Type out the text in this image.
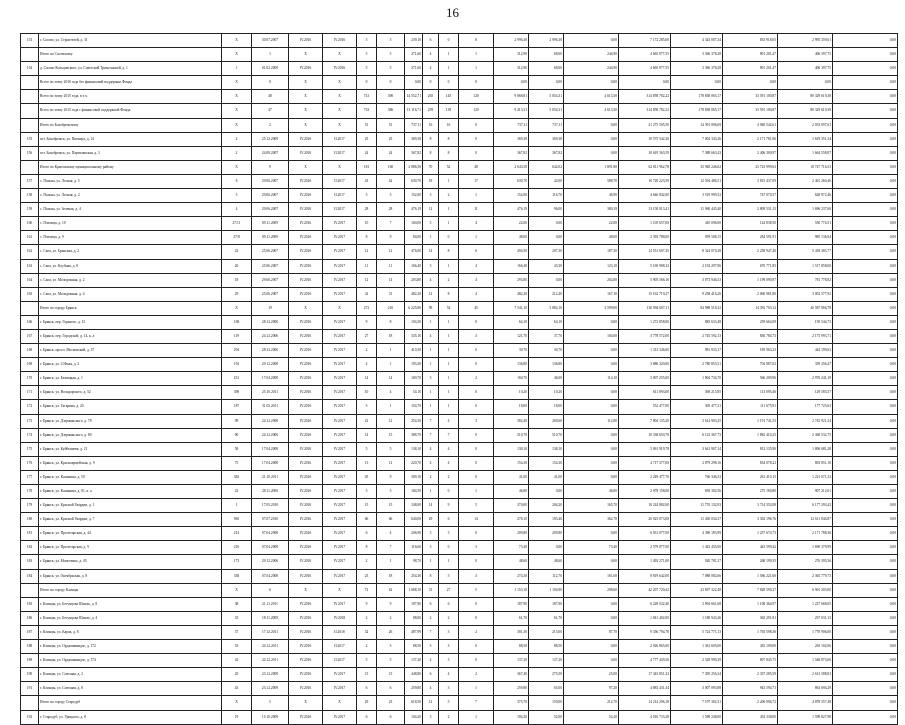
16
153	г. Сасово, ул. Строителей, д. 31	Х	30.07.2007	IV.2016	IV.2016	5	5	239,10	6	0	8	2 996,30	2 996,30	0,00	7 172 285,00	4 343 007,34	833 918,05	2 995 359,61	0,00
Итого по Сасовскому	Х	1	Х	Х	5	5	271,60	4	1	1	312,90	68,00	244,90	4 665 977,55	3 366 378,28	891 201,47	406 397,75	0,00
154	д. Сасово Кольцовского, ул. Советской Трикотажной, д. 1	1	01.02.2009	IV.2016	IV.2016	5	5	271,60	4	1	1	312,90	68,00	244,90	4 665 977,55	3 366 378,28	891 201,47	406 397,75	0,00
Всего по этапу 2016 года без финансовой поддержки Фонда	Х	0	Х	Х	0	0	0,00	0	0	0	0,00	0,00	0,00	0,00	0,00	0,00	0,00	0,00
Всего по этапу 2015 года, в т.ч.	Х	48	Х	Х	741	390	14 552,71	265	145	120	9 868,81	5 054,31	4 613,50	314 858 782,22	178 838 065,17	33 591 100,87	80 329 619,38	0,00
Всего по этапу 2015 года с финансовой поддержкой Фонда	Х	47	Х	Х	733	386	13 116,71	259	139	120	9 413,31	5 054,31	4 613,50	314 858 782,22	178 838 065,17	33 591 100,87	80 329 619,38	0,00
Итого по Бокобрежскому	Х	2	Х	Х	51	51	737,11	16	16	0	737,11	737,11	0,00	21 275 505,50	14 391 006,69	4 940 542,61	2 033 097,61	0,00
155	пгт. Бокобрежск, ул. Пионера, д. 14	2	25.12.2009	IV.2016	II.2017	25	25	369,38	8	8	0	369,38	369,38	0,00	10 575 542,26	7 002 343,26	2 171 781,06	1 619 351,34	0,00
156	пгт. Бокобрежск, ул. Партизанская, д. 3	2	24.08.2007	IV.2016	II.2017	24	24	367,82	8	8	0	367,82	367,82	0,00	10 619 363,59	7 388 663,43	2 406 300,97	1 664 558,87	0,00
Итого по Кржешскому муниципальному району	Х	9	Х	Х	181	160	2 886,56	70	52	48	2 643,50	642,02	1 891,80	62 811 962,78	35 948 246,62	23 723 999,63	10 747 716,53	0,00
157	с. Пальна, ул. Лесная, д. 5	8	29.06.2007	IV.2016	II.2017	43	42	630,70	18	1	17	630,70	42,00	588,70	10 720 223,59	12 594 486,51	3 815 437,09	2 461 260,46	0,00
158	с. Пальна, ул. Лесная, д. 2	3	29.06.2007	IV.2016	II.2017	5	5	152,00	3	2	1	152,00	116,70	46,90	4 646 842,00	3 519 999,52	747 070,57	628 972,46	0,00
159	с. Пальна, ул. Зеленая, д. 4	4	29.06.2007	IV.2016	II.2017	28	28	476,19	12	1	11	476,19	96,00	380,19	13 158 013,41	11 960 445,40	2 809 531,15	1 696 237,60	0,00
160	с. Пчелица, д. 10	27/11	09.11.2009	IV.2016	IV.2017	10	7	160,00	5	1	4	22,00	0,00	22,00	1 105 657,00	410 096,00	124 838,50	550 774,51	0,00
161	с. Пчелица, д. 9	27/8	09.11.2009	IV.2016	IV.2017	8	9	84,00	1	0	1	48,00	0,00	48,00	2 393 788,00	959 508,15	284 591,91	985 136,94	0,00
162	с. Сапа, ул. Бранская, д. 2	22	25.06.2007	IV.2016	IV.2017	12	12	476,00	14	8	6	494,50	207,30	187,30	14 551 607,45	8 324 070,28	2 258 947,40	5 418 383,77	0,00
163	с. Сапа, ул. Клубная, д. 8	26	25.06.2007	IV.2016	IV.2017	11	11	166,40	3	1	4	166,40	43,30	123,10	5 169 988,32	2 192 297,96	670 771,85	1 517 858,00	0,00
164	с. Сапа, ул. Молодежная, д. 2	18	29.06.2007	IV.2016	IV.2017	12	14	203,80	4	2	4	293,80	0,00	202,80	5 905 566,16	3 873 946,33	1 199 090,97	781 778,82	0,00
165	с. Сапа, ул. Молодежная, д. 4	29	25.06.2007	IV.2016	IV.2017	32	31	482,20	12	8	4	482,20	212,40	167,10	15 162 719,27	9 238 416,26	2 060 981,80	3 002 577,92	0,00
Итого по городу Брянск	Х	19	Х	Х	272	210	6 225,80	99	54	45	7 341,10	3 882,10	3 599,00	130 094 607,11	84 988 518,32	14 392 703,12	40 587 066,78	0,00
166	г. Брянск, пер. Горького, д. 12	168	28.12.2006	IV.2016	IV.2017	9	8	104,30	1	1	0	64,10	64,10	0,00	1 272 858,00	883 633,48	239 662,09	159 544,73	0,00
167	г. Брянск, пер. Городской, д. 14, к. а	119	24.12.2006	IV.2016	IV.2017	27	18	335,10	4	1	3	121,70	37,70	104,00	3 778 572,00	2 745 592,13	830 784,73	2 173 993,71	0,00
168	г. Брянск, просп. Московский, д. 37	294	28.12.2006	IV.2016	IV.2017	2	1	410,30	1	1	0	30,70	30,70	0,00	1 312 346,00	981 933,17	185 963,23	444 199,63	0,00
169	г. Брянск, ул. 3 Июля, д. 2	192	29.12.2008	IV.2016	IV.2017	4	1	193,30	1	1	0	136,80	136,80	0,00	3 886 320,00	2 780 853,51	704 887,02	339 356,47	0,00
170	г. Брянск, ул. Бежицкая, д. 1	231	17.04.2008	IV.2016	IV.2017	14	14	169,70	3	1	2	160,70	46,00	114,10	3 007 255,00	1 804 734,70	566 209,96	2 976 241,19	0,00
171	г. Брянск, ул. Володарского, д. 52	390	25.10.2011	IV.2016	IV.2017	10	4	54,10	1	1	0	10,20	10,20	0,00	611 893,00	369 215,85	113 095,46	129 583,57	0,00
172	г. Брянск, ул. Гагарина, д. 20	187	31.03.2011	IV.2016	IV.2017	3	1	154,70	1	1	0	18,00	18,00	0,00	552 477,00	305 477,31	111 675,91	177 725,63	0,00
173	г. Брянск, ул. Дзержинского, д. 78	99	24.12.2008	IV.2016	IV.2017	22	12	254,30	7	4	3	382,40	269,60	112,80	7 804 135,20	3 614 903,25	1 191 741,53	2 745 921,24	0,00
174	г. Брянск, ул. Дзержинского, д. 80	90	24.12.2006	IV.2016	IV.2017	14	15	388,70	7	7	0	510,70	510,70	0,00	10 338 650,70	6 123 367,73	1 882 410,25	2 360 532,75	0,00
175	г. Брянск, ул. Куйбышева, д. 21	58	17.04.2008	IV.2016	IV.2017	5	5	138,10	4	4	0	138,10	138,10	0,00	5 061 919,78	3 641 907,14	812 135,90	1 806 681,28	0,00
176	г. Брянск, ул. Красноармейская, д. 9	75	17.04.2008	IV.2016	IV.2017	13	12	220,70	4	4	0	154,30	154,30	0,00	4 717 377,00	2 879 298,16	834 078,22	803 851,10	0,00
177	г. Брянск, ул. Калинина, д. 50	382	21.10.2011	IV.2016	IV.2017	45	9	309,10	2	2	0	41,00	41,00	0,00	2 249 477,70	766 346,33	261 410,15	1 221 671,32	0,00
178	г. Брянск, ул. Калинина, д. 81, к. а	22	28.11.2006	IV.2016	IV.2017	5	5	184,50	1	0	1	46,80	0,00	46,80	2 078 158,00	839 302,56	275 160,80	907 212,61	0,00
179	г. Брянск, ул. Красной Гвардии, д. 1	1	17.05.2010	IV.2016	IV.2017	15	15	348,00	14	9	5	370,00	204,20	165,70	10 224 882,00	11 755 132,93	3 714 352,08	6 177 293,43	0,00
180	г. Брянск, ул. Красной Гвардии, д. 7	965	07.07.2010	IV.2016	IV.2017	66	66	640,00	29	6	14	278,10	193,40	362,70	20 023 073,00	11 430 034,37	3 302 196,76	12 611 844,87	0,00
181	г. Брянск, ул. Пролетарская, д. 44	214	07.04.2008	IV.2016	IV.2017	6	4	206,90	3	3	0	209,80	209,80	0,00	6 031 077,00	4 396 183,99	1 257 674,73	2 171 788,36	0,00
182	г. Брянск, ул. Пролетарская, д. 9	216	07.04.2008	IV.2016	IV.2017	8	7	116,60	3	0	3	73,40	0,00	73,40	2 579 077,00	1 443 435,00	443 599,42	1 690 379,99	0,00
183	г. Брянск, ул. Моисеенко, д. 45	173	29.12.2006	IV.2016	IV.2017	2	1	98,70	1	1	0	48,60	48,60	0,00	1 493 271,00	920 781,37	268 199,35	276 395,56	0,00
184	г. Брянск, ул. Октябрьская, д. 8	338	07.04.2008	IV.2016	IV.2017	23	18	254,30	8	5	3	274,30	112,70	161,60	8 819 642,00	7 088 082,66	1 566 221,60	2 365 779,73	0,00
Итого по городу Клинцы	Х	6	Х	Х	72	62	1 688,10	31	27	5	1 153,10	1 104,90	298,60	42 207 720,42	23 697 322,48	7 828 590,27	6 961 203,00	0,00
185	г. Клинцы, ул. Бегунцова Шмаль, д. 8	38	21.11.2011	IV.2016	IV.2017	9	9	187,90	6	6	0	187,90	187,90	0,00	6 228 032,40	3 994 661,68	1 108 364,97	1 227 668,05	0,00
186	г. Клинцы, ул. Бегунцова Шмаль, д. 4	35	18.11.2009	IV.2016	IV.2018	2	2	88,00	2	2	0	61,70	61,70	0,00	1 841 402,00	1 180 943,46	363 291,81	237 031,13	0,00
187	г. Клинцы, ул. Карла, д. 8	37	17.12.2011	IV.2016	II.2018	32	26	487,99	7	3	2	301,30	215,00	87,70	9 356 794,78	5 724 771,13	1 765 598,36	1 770 906,00	0,00
188	г. Клинцы, ул. Орджоникидзе, д. 172	33	24.12.2011	IV.2016	II.2017	2	3	88,50	3	3	0	88,50	88,50	0,00	2 026 865,00	1 361 605,00	435 109,00	263 102,06	0,00
189	г. Клинцы, ул. Орджоникидзе, д. 174	42	24.12.2011	IV.2016	II.2017	5	5	137,20	4	3	0	137,20	137,20	0,00	4 777 439,26	2 528 990,39	807 845,75	1 548 873,60	0,00
190	г. Клинцы, ул. Союзная, д. 2	45	23.12.2009	IV.2016	IV.2017	15	15	448,80	6	4	2	367,40	275,50	25,00	17 343 851,32	7 395 256,34	2 357 285,59	2 613 588,03	0,00
191	г. Клинцы, ул. Союзная, д. 8	43	23.12.2009	IV.2016	IV.2017	6	6	259,80	4	3	1	259,80	65,00	97,20	4 883 431,34	3 007 093,88	943 594,71	863 694,29	0,00
Итого по городу Стародуб	Х	5	Х	Х	29	23	618,50	12	5	7	375,70	150,00	212,70	14 214 296,18	7 197 302,31	2 206 006,72	4 878 357,48	0,00
192	г. Стародуб, ул. Урицкого, д. 8	19	15.10.2009	IV.2016	IV.2017	6	6	104,20	3	2	1	104,20	52,00	52,20	4 016 733,28	1 598 248,00	452 338,00	1 598 827,98	0,00
